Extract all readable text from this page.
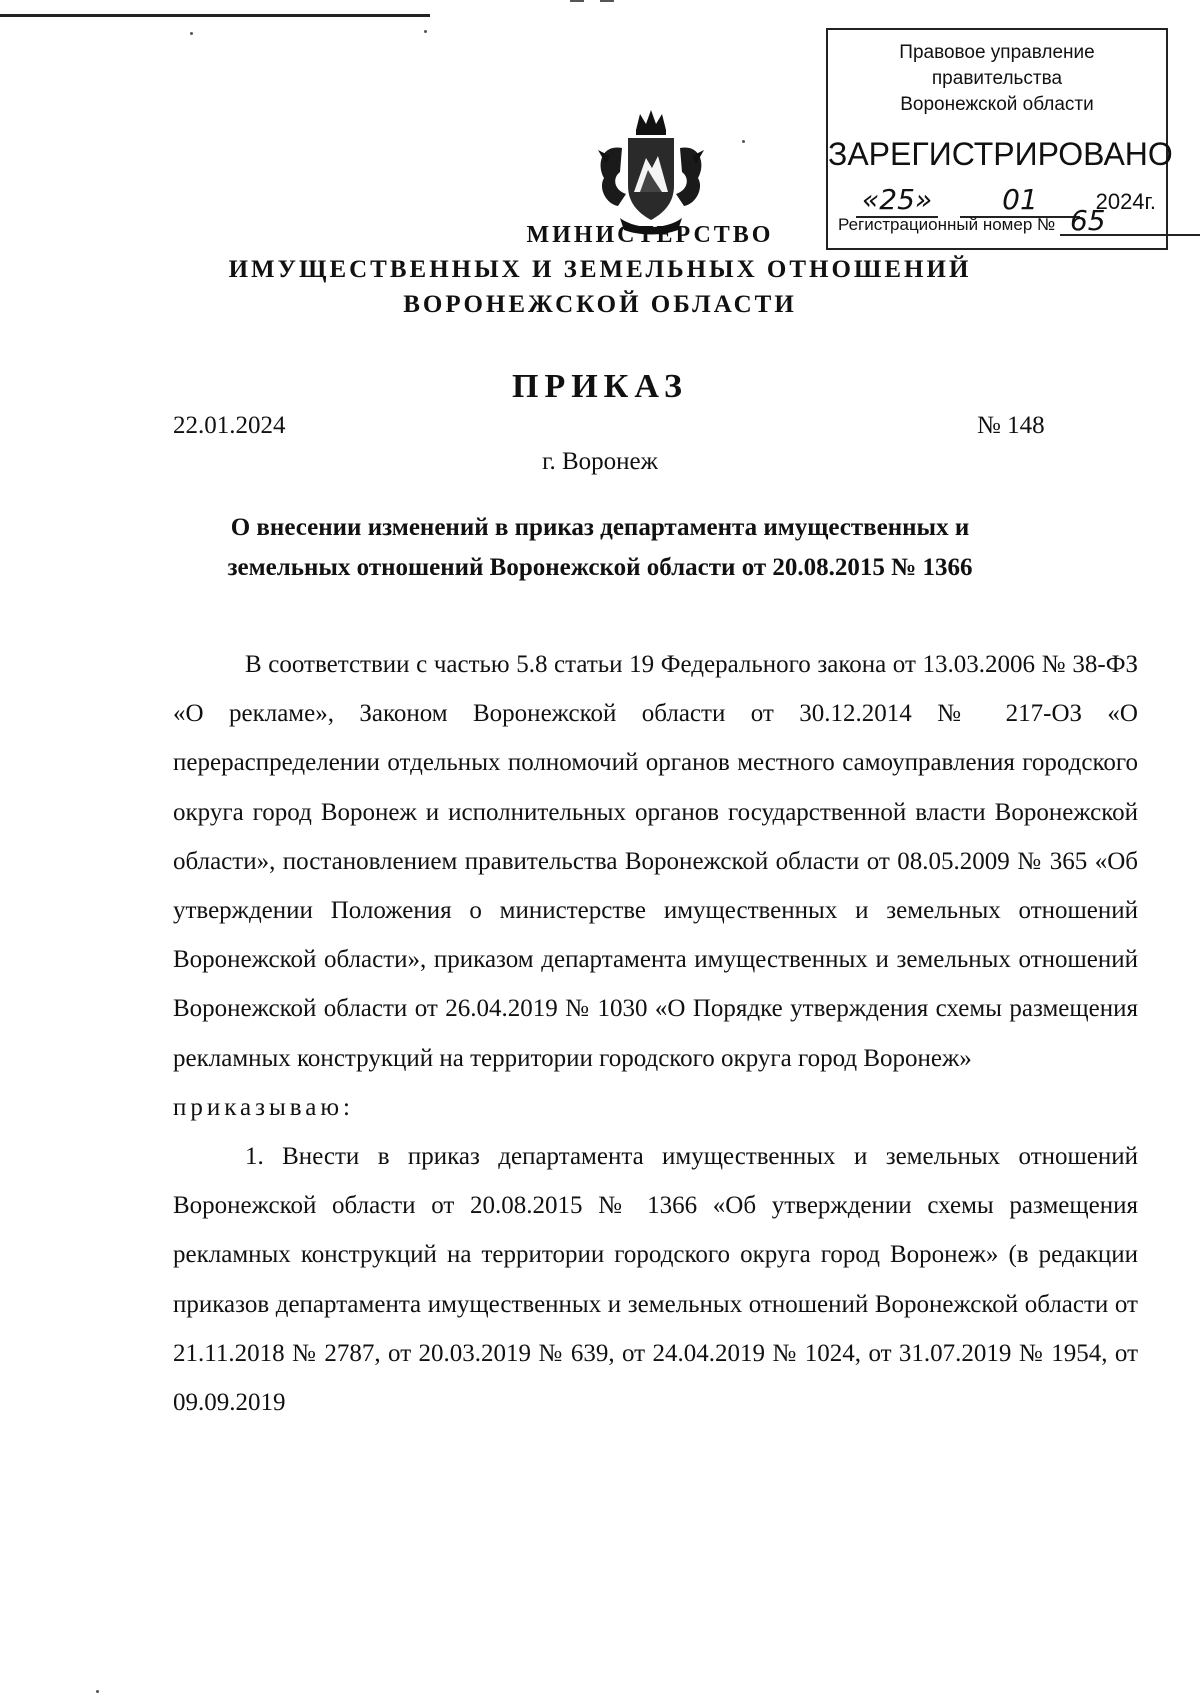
Правовое управление правительства
Воронежской области
ЗАРЕГИСТРИРОВАНО
«25»	01	2024г.
Регистрационный номер № 65
МИНИСТЕРСТВО
ИМУЩЕСТВЕННЫХ И ЗЕМЕЛЬНЫХ ОТНОШЕНИЙ
ВОРОНЕЖСКОЙ ОБЛАСТИ
ПРИКАЗ
22.01.2024	№ 148
г. Воронеж
О внесении изменений в приказ департамента имущественных и
земельных отношений Воронежской области от 20.08.2015 № 1366

В соответствии с частью 5.8 статьи 19 Федерального закона от 13.03.2006 № 38-ФЗ «О рекламе», Законом Воронежской области от 30.12.2014 № 217-ОЗ «О перераспределении отдельных полномочий органов местного самоуправления городского округа город Воронеж и исполнительных органов государственной власти Воронежской области», постановлением правительства Воронежской области от 08.05.2009 № 365 «Об утверждении Положения о министерстве имущественных и земельных отношений Воронежской области», приказом департамента имущественных и земельных отношений Воронежской области от 26.04.2019 № 1030 «О Порядке утверждения схемы размещения рекламных конструкций на территории городского округа город Воронеж»

приказываю:

1. Внести в приказ департамента имущественных и земельных отношений Воронежской области от 20.08.2015 № 1366 «Об утверждении схемы размещения рекламных конструкций на территории городского округа город Воронеж» (в редакции приказов департамента имущественных и земельных отношений Воронежской области от 21.11.2018 № 2787, от 20.03.2019 № 639, от 24.04.2019 № 1024, от 31.07.2019 № 1954, от 09.09.2019
